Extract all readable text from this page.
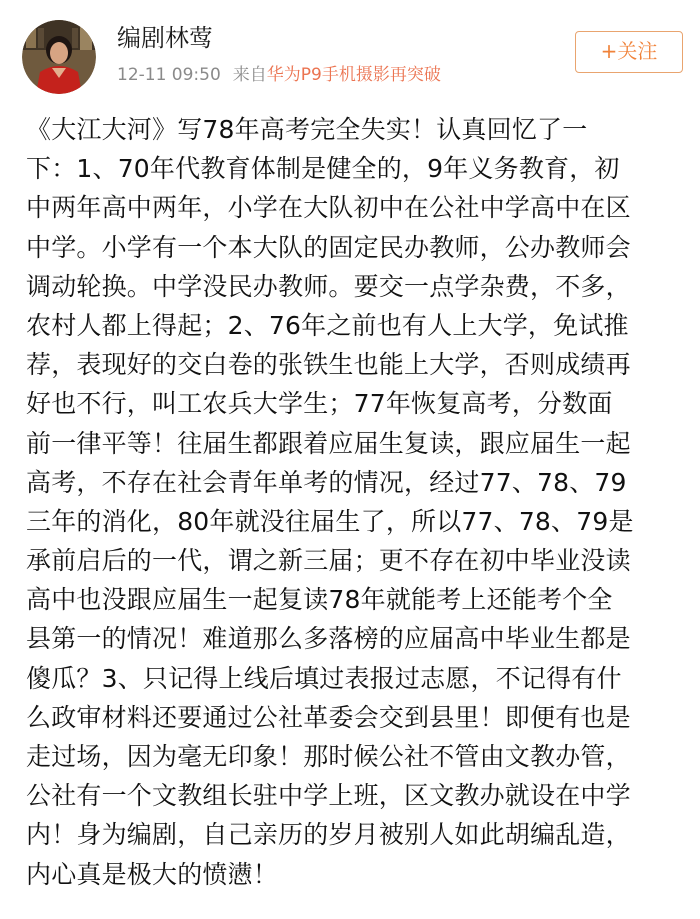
编剧林莺
12-11 09:50 来自华为P9手机摄影再突破
+关注
《大江大河》写78年高考完全失实！认真回忆了一
下：1、70年代教育体制是健全的，9年义务教育，初
中两年高中两年，小学在大队初中在公社中学高中在区
中学。小学有一个本大队的固定民办教师，公办教师会
调动轮换。中学没民办教师。要交一点学杂费，不多，
农村人都上得起；2、76年之前也有人上大学，免试推
荐，表现好的交白卷的张铁生也能上大学，否则成绩再
好也不行，叫工农兵大学生；77年恢复高考，分数面
前一律平等！往届生都跟着应届生复读，跟应届生一起
高考，不存在社会青年单考的情况，经过77、78、79
三年的消化，80年就没往届生了，所以77、78、79是
承前启后的一代，谓之新三届；更不存在初中毕业没读
高中也没跟应届生一起复读78年就能考上还能考个全
县第一的情况！难道那么多落榜的应届高中毕业生都是
傻瓜？3、只记得上线后填过表报过志愿，不记得有什
么政审材料还要通过公社革委会交到县里！即便有也是
走过场，因为毫无印象！那时候公社不管由文教办管，
公社有一个文教组长驻中学上班，区文教办就设在中学
内！身为编剧，自己亲历的岁月被别人如此胡编乱造，
内心真是极大的愤懑！
